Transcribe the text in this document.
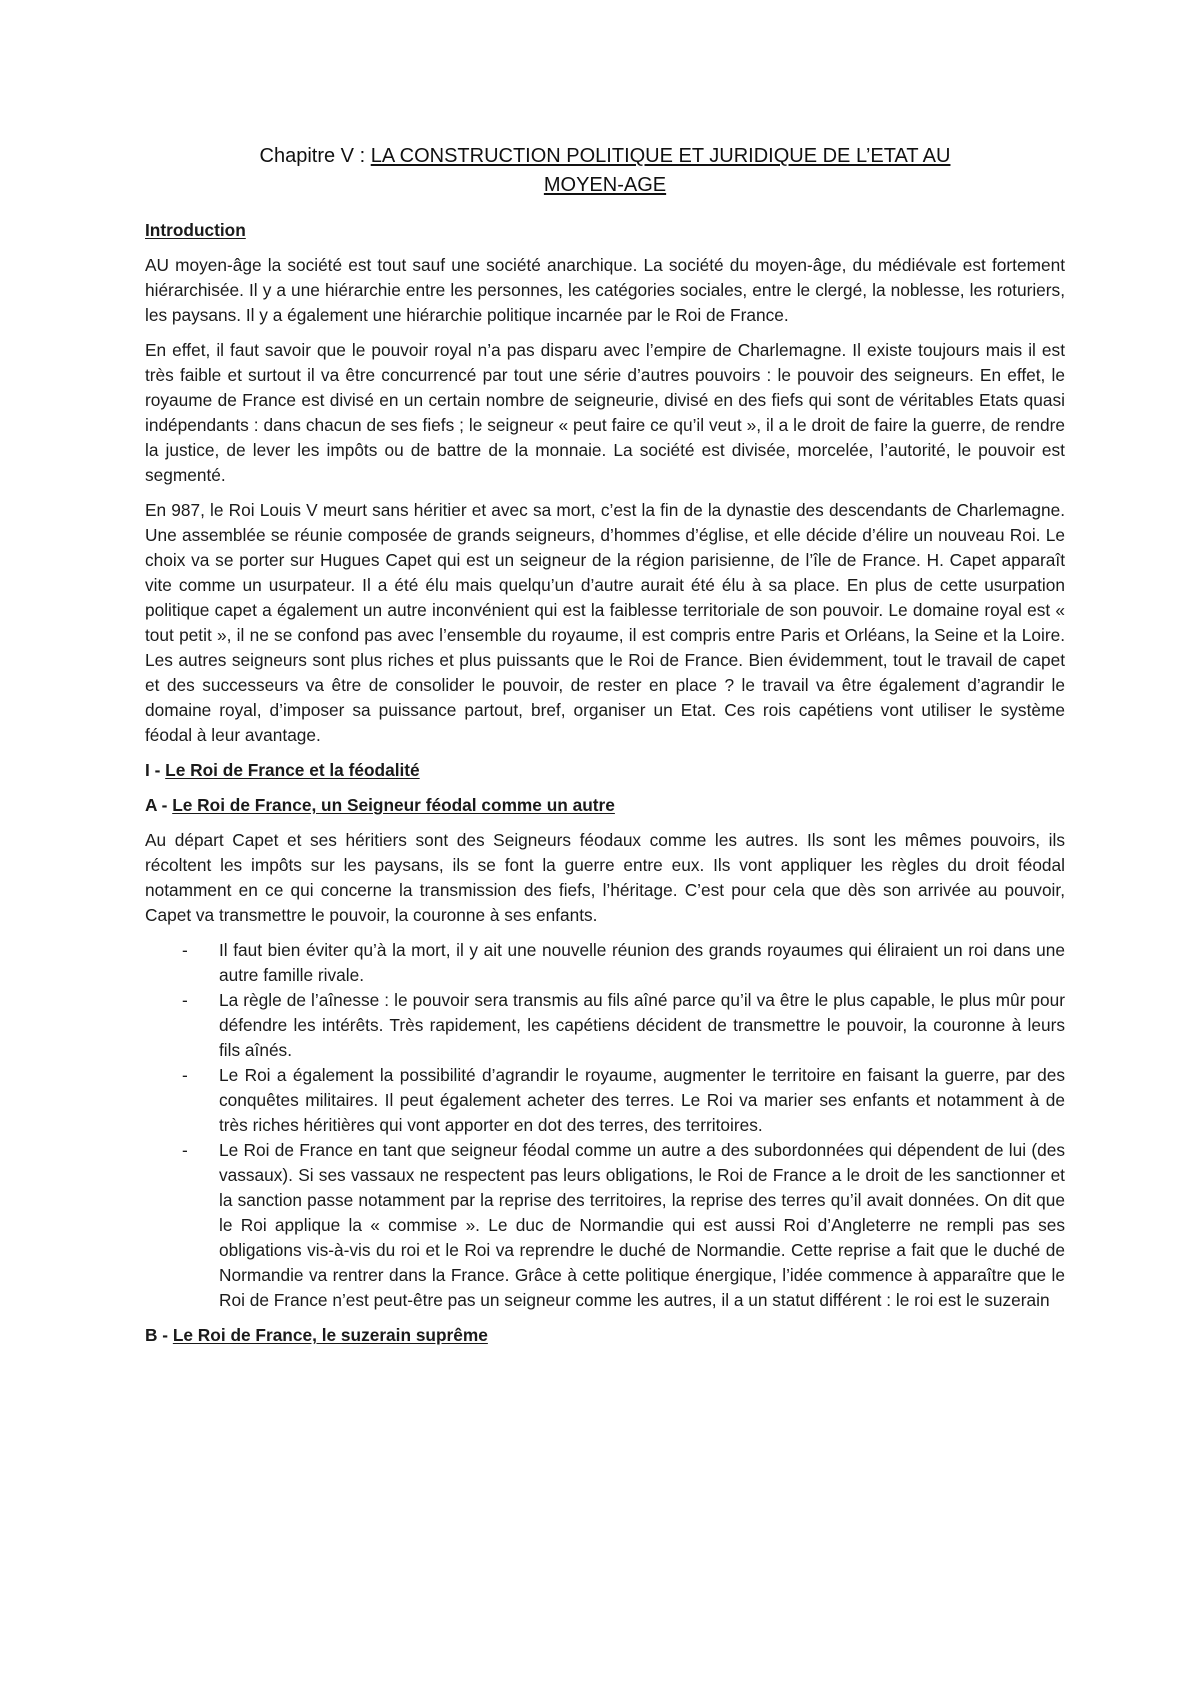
Chapitre V : LA CONSTRUCTION POLITIQUE ET JURIDIQUE DE L’ETAT AU
MOYEN-AGE
Introduction

AU moyen-âge la société est tout sauf une société anarchique. La société du moyen-âge, du médiévale est fortement hiérarchisée. Il y a une hiérarchie entre les personnes, les catégories sociales, entre le clergé, la noblesse, les roturiers, les paysans. Il y a également une hiérarchie politique incarnée par le Roi de France.

En effet, il faut savoir que le pouvoir royal n’a pas disparu avec l’empire de Charlemagne. Il existe toujours mais il est très faible et surtout il va être concurrencé par tout une série d’autres pouvoirs : le pouvoir des seigneurs. En effet, le royaume de France est divisé en un certain nombre de seigneurie, divisé en des fiefs qui sont de véritables Etats quasi indépendants : dans chacun de ses fiefs ; le seigneur « peut faire ce qu’il veut », il a le droit de faire la guerre, de rendre la justice, de lever les impôts ou de battre de la monnaie. La société est divisée, morcelée, l’autorité, le pouvoir est segmenté.

En 987, le Roi Louis V meurt sans héritier et avec sa mort, c’est la fin de la dynastie des descendants de Charlemagne. Une assemblée se réunie composée de grands seigneurs, d’hommes d’église, et elle décide d’élire un nouveau Roi. Le choix va se porter sur Hugues Capet qui est un seigneur de la région parisienne, de l’île de France. H. Capet apparaît vite comme un usurpateur. Il a été élu mais quelqu’un d’autre aurait été élu à sa place. En plus de cette usurpation politique capet a également un autre inconvénient qui est la faiblesse territoriale de son pouvoir. Le domaine royal est « tout petit », il ne se confond pas avec l’ensemble du royaume, il est compris entre Paris et Orléans, la Seine et la Loire. Les autres seigneurs sont plus riches et plus puissants que le Roi de France. Bien évidemment, tout le travail de capet et des successeurs va être de consolider le pouvoir, de rester en place ? le travail va être également d’agrandir le domaine royal, d’imposer sa puissance partout, bref, organiser un Etat. Ces rois capétiens vont utiliser le système féodal à leur avantage.

I - Le Roi de France et la féodalité
A - Le Roi de France, un Seigneur féodal comme un autre

Au départ Capet et ses héritiers sont des Seigneurs féodaux comme les autres. Ils sont les mêmes pouvoirs, ils récoltent les impôts sur les paysans, ils se font la guerre entre eux. Ils vont appliquer les règles du droit féodal notamment en ce qui concerne la transmission des fiefs, l’héritage. C’est pour cela que dès son arrivée au pouvoir, Capet va transmettre le pouvoir, la couronne à ses enfants.

- Il faut bien éviter qu’à la mort, il y ait une nouvelle réunion des grands royaumes qui éliraient un roi dans une autre famille rivale.
- La règle de l’aînesse : le pouvoir sera transmis au fils aîné parce qu’il va être le plus capable, le plus mûr pour défendre les intérêts. Très rapidement, les capétiens décident de transmettre le pouvoir, la couronne à leurs fils aînés.
- Le Roi a également la possibilité d’agrandir le royaume, augmenter le territoire en faisant la guerre, par des conquêtes militaires. Il peut également acheter des terres. Le Roi va marier ses enfants et notamment à de très riches héritières qui vont apporter en dot des terres, des territoires.
- Le Roi de France en tant que seigneur féodal comme un autre a des subordonnées qui dépendent de lui (des vassaux). Si ses vassaux ne respectent pas leurs obligations, le Roi de France a le droit de les sanctionner et la sanction passe notamment par la reprise des territoires, la reprise des terres qu’il avait données. On dit que le Roi applique la « commise ». Le duc de Normandie qui est aussi Roi d’Angleterre ne rempli pas ses obligations vis-à-vis du roi et le Roi va reprendre le duché de Normandie. Cette reprise a fait que le duché de Normandie va rentrer dans la France. Grâce à cette politique énergique, l’idée commence à apparaître que le Roi de France n’est peut-être pas un seigneur comme les autres, il a un statut différent : le roi est le suzerain
B - Le Roi de France, le suzerain suprême
